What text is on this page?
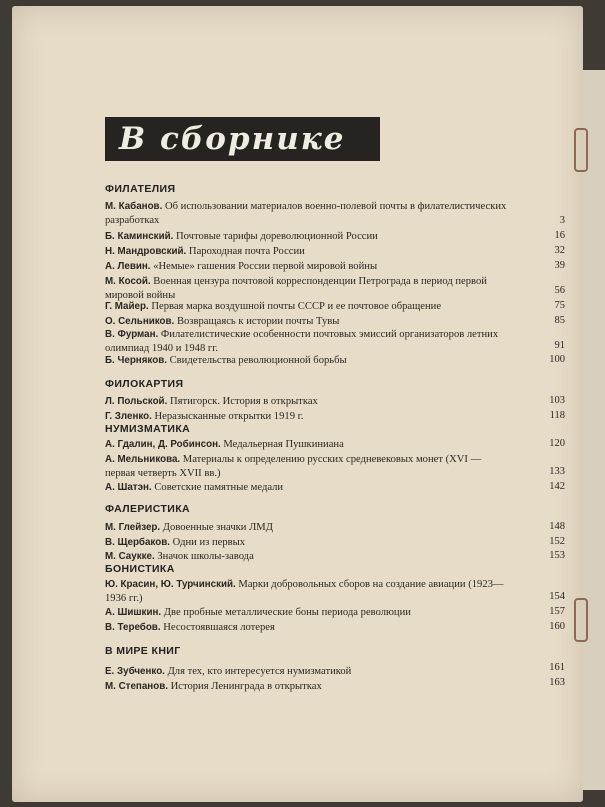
В сборнике
ФИЛАТЕЛИЯ
М. Кабанов. Об использовании материалов военно-полевой почты в филателистических разработках	3
Б. Каминский. Почтовые тарифы дореволюционной России	16
Н. Мандровский. Пароходная почта России	32
А. Левин. «Немые» гашения России первой мировой войны	39
М. Косой. Военная цензура почтовой корреспонденции Петрограда в период первой мировой войны	56
Г. Майер. Первая марка воздушной почты СССР и ее почтовое обращение	75
О. Сельников. Возвращаясь к истории почты Тувы	85
В. Фурман. Филателистические особенности почтовых эмиссий организаторов летних олимпиад 1940 и 1948 гг.	91
Б. Черняков. Свидетельства революционной борьбы	100
ФИЛОКАРТИЯ
Л. Польской. Пятигорск. История в открытках	103
Г. Зленко. Неразысканные открытки 1919 г.	118
НУМИЗМАТИКА
А. Гдалин, Д. Робинсон. Медальерная Пушкиниана	120
А. Мельникова. Материалы к определению русских средневековых монет (XVI — первая четверть XVII вв.)	133
А. Шатэн. Советские памятные медали	142
ФАЛЕРИСТИКА
М. Глейзер. Довоенные значки ЛМД	148
В. Щербаков. Одни из первых	152
М. Саукке. Значок школы-завода	153
БОНИСТИКА
Ю. Красин, Ю. Турчинский. Марки добровольных сборов на создание авиации (1923—1936 гг.)	154
А. Шишкин. Две пробные металлические боны периода революции	157
В. Теребов. Несостоявшаяся лотерея	160
В МИРЕ КНИГ
Е. Зубченко. Для тех, кто интересуется нумизматикой	161
М. Степанов. История Ленинграда в открытках	163
